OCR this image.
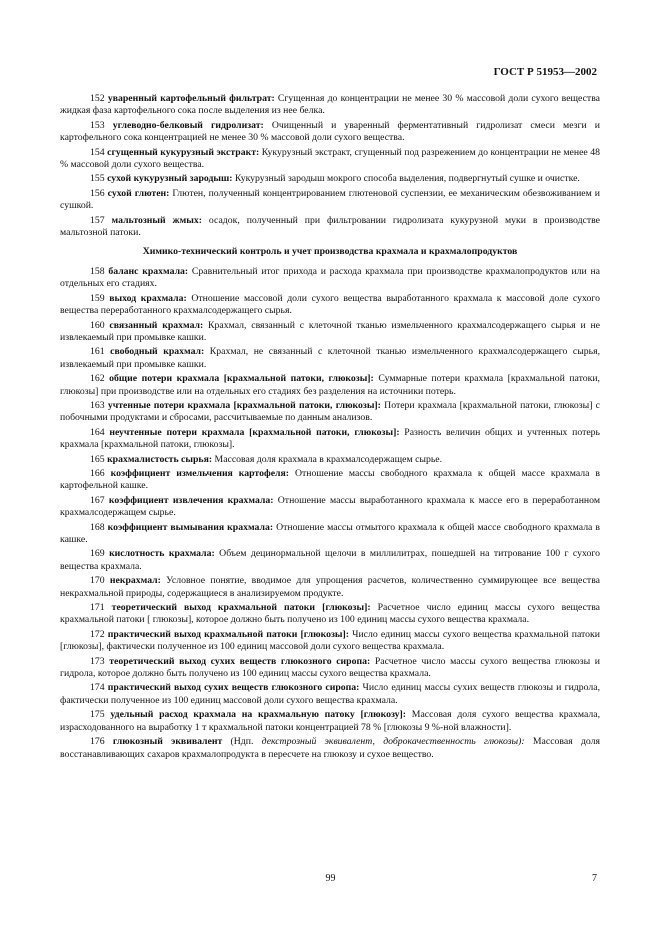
ГОСТ Р 51953—2002

152 уваренный картофельный фильтрат: Сгущенная до концентрации не менее 30 % массовой доли сухого вещества жидкая фаза картофельного сока после выделения из нее белка.

153 углеводно-белковый гидролизат: Очищенный и уваренный ферментативный гидролизат смеси мезги и картофельного сока концентрацией не менее 30 % массовой доли сухого вещества.

154 сгущенный кукурузный экстракт: Кукурузный экстракт, сгущенный под разрежением до концентрации не менее 48 % массовой доли сухого вещества.

155 сухой кукурузный зародыш: Кукурузный зародыш мокрого способа выделения, подвергнутый сушке и очистке.

156 сухой глютен: Глютен, полученный концентрированием глютеновой суспензии, ее механическим обезвоживанием и сушкой.

157 мальтозный жмых: осадок, полученный при фильтровании гидролизата кукурузной муки в производстве мальтозной патоки.

Химико-технический контроль и учет производства крахмала и крахмалопродуктов

158 баланс крахмала: Сравнительный итог прихода и расхода крахмала при производстве крахмалопродуктов или на отдельных его стадиях.

159 выход крахмала: Отношение массовой доли сухого вещества выработанного крахмала к массовой доле сухого вещества переработанного крахмалсодержащего сырья.

160 связанный крахмал: Крахмал, связанный с клеточной тканью измельченного крахмалсодержащего сырья и не извлекаемый при промывке кашки.

161 свободный крахмал: Крахмал, не связанный с клеточной тканью измельченного крахмалсодержащего сырья, извлекаемый при промывке кашки.

162 общие потери крахмала [крахмальной патоки, глюкозы]: Суммарные потери крахмала [крахмальной патоки, глюкозы] при производстве или на отдельных его стадиях без разделения на источники потерь.

163 учтенные потери крахмала [крахмальной патоки, глюкозы]: Потери крахмала [крахмальной патоки, глюкозы] с побочными продуктами и сбросами, рассчитываемые по данным анализов.

164 неучтенные потери крахмала [крахмальной патоки, глюкозы]: Разность величин общих и учтенных потерь крахмала [крахмальной патоки, глюкозы].

165 крахмалистость сырья: Массовая доля крахмала в крахмалсодержащем сырье.

166 коэффициент измельчения картофеля: Отношение массы свободного крахмала к общей массе крахмала в картофельной кашке.

167 коэффициент извлечения крахмала: Отношение массы выработанного крахмала к массе его в переработанном крахмалсодержащем сырье.

168 коэффициент вымывания крахмала: Отношение массы отмытого крахмала к общей массе свободного крахмала в кашке.

169 кислотность крахмала: Объем децинормальной щелочи в миллилитрах, пошедшей на титрование 100 г сухого вещества крахмала.

170 некрахмал: Условное понятие, вводимое для упрощения расчетов, количественно суммирующее все вещества некрахмальной природы, содержащиеся в анализируемом продукте.

171 теоретический выход крахмальной патоки [глюкозы]: Расчетное число единиц массы сухого вещества крахмальной патоки [ глюкозы], которое должно быть получено из 100 единиц массы сухого вещества крахмала.

172 практический выход крахмальной патоки [глюкозы]: Число единиц массы сухого вещества крахмальной патоки [глюкозы], фактически полученное из 100 единиц массовой доли сухого вещества крахмала.

173 теоретический выход сухих веществ глюкозного сиропа: Расчетное число массы сухого вещества глюкозы и гидрола, которое должно быть получено из 100 единиц массы сухого вещества крахмала.

174 практический выход сухих веществ глюкозного сиропа: Число единиц массы сухих веществ глюкозы и гидрола, фактически полученное из 100 единиц массовой доли сухого вещества крахмала.

175 удельный расход крахмала на крахмальную патоку [глюкозу]: Массовая доля сухого вещества крахмала, израсходованного на выработку 1 т крахмальной патоки концентрацией 78 % [глюкозы 9 %-ной влажности].

176 глюкозный эквивалент (Ндп. декстрозный эквивалент, доброкачественность глюкозы): Массовая доля восстанавливающих сахаров крахмалопродукта в пересчете на глюкозу и сухое вещество.

99	7
